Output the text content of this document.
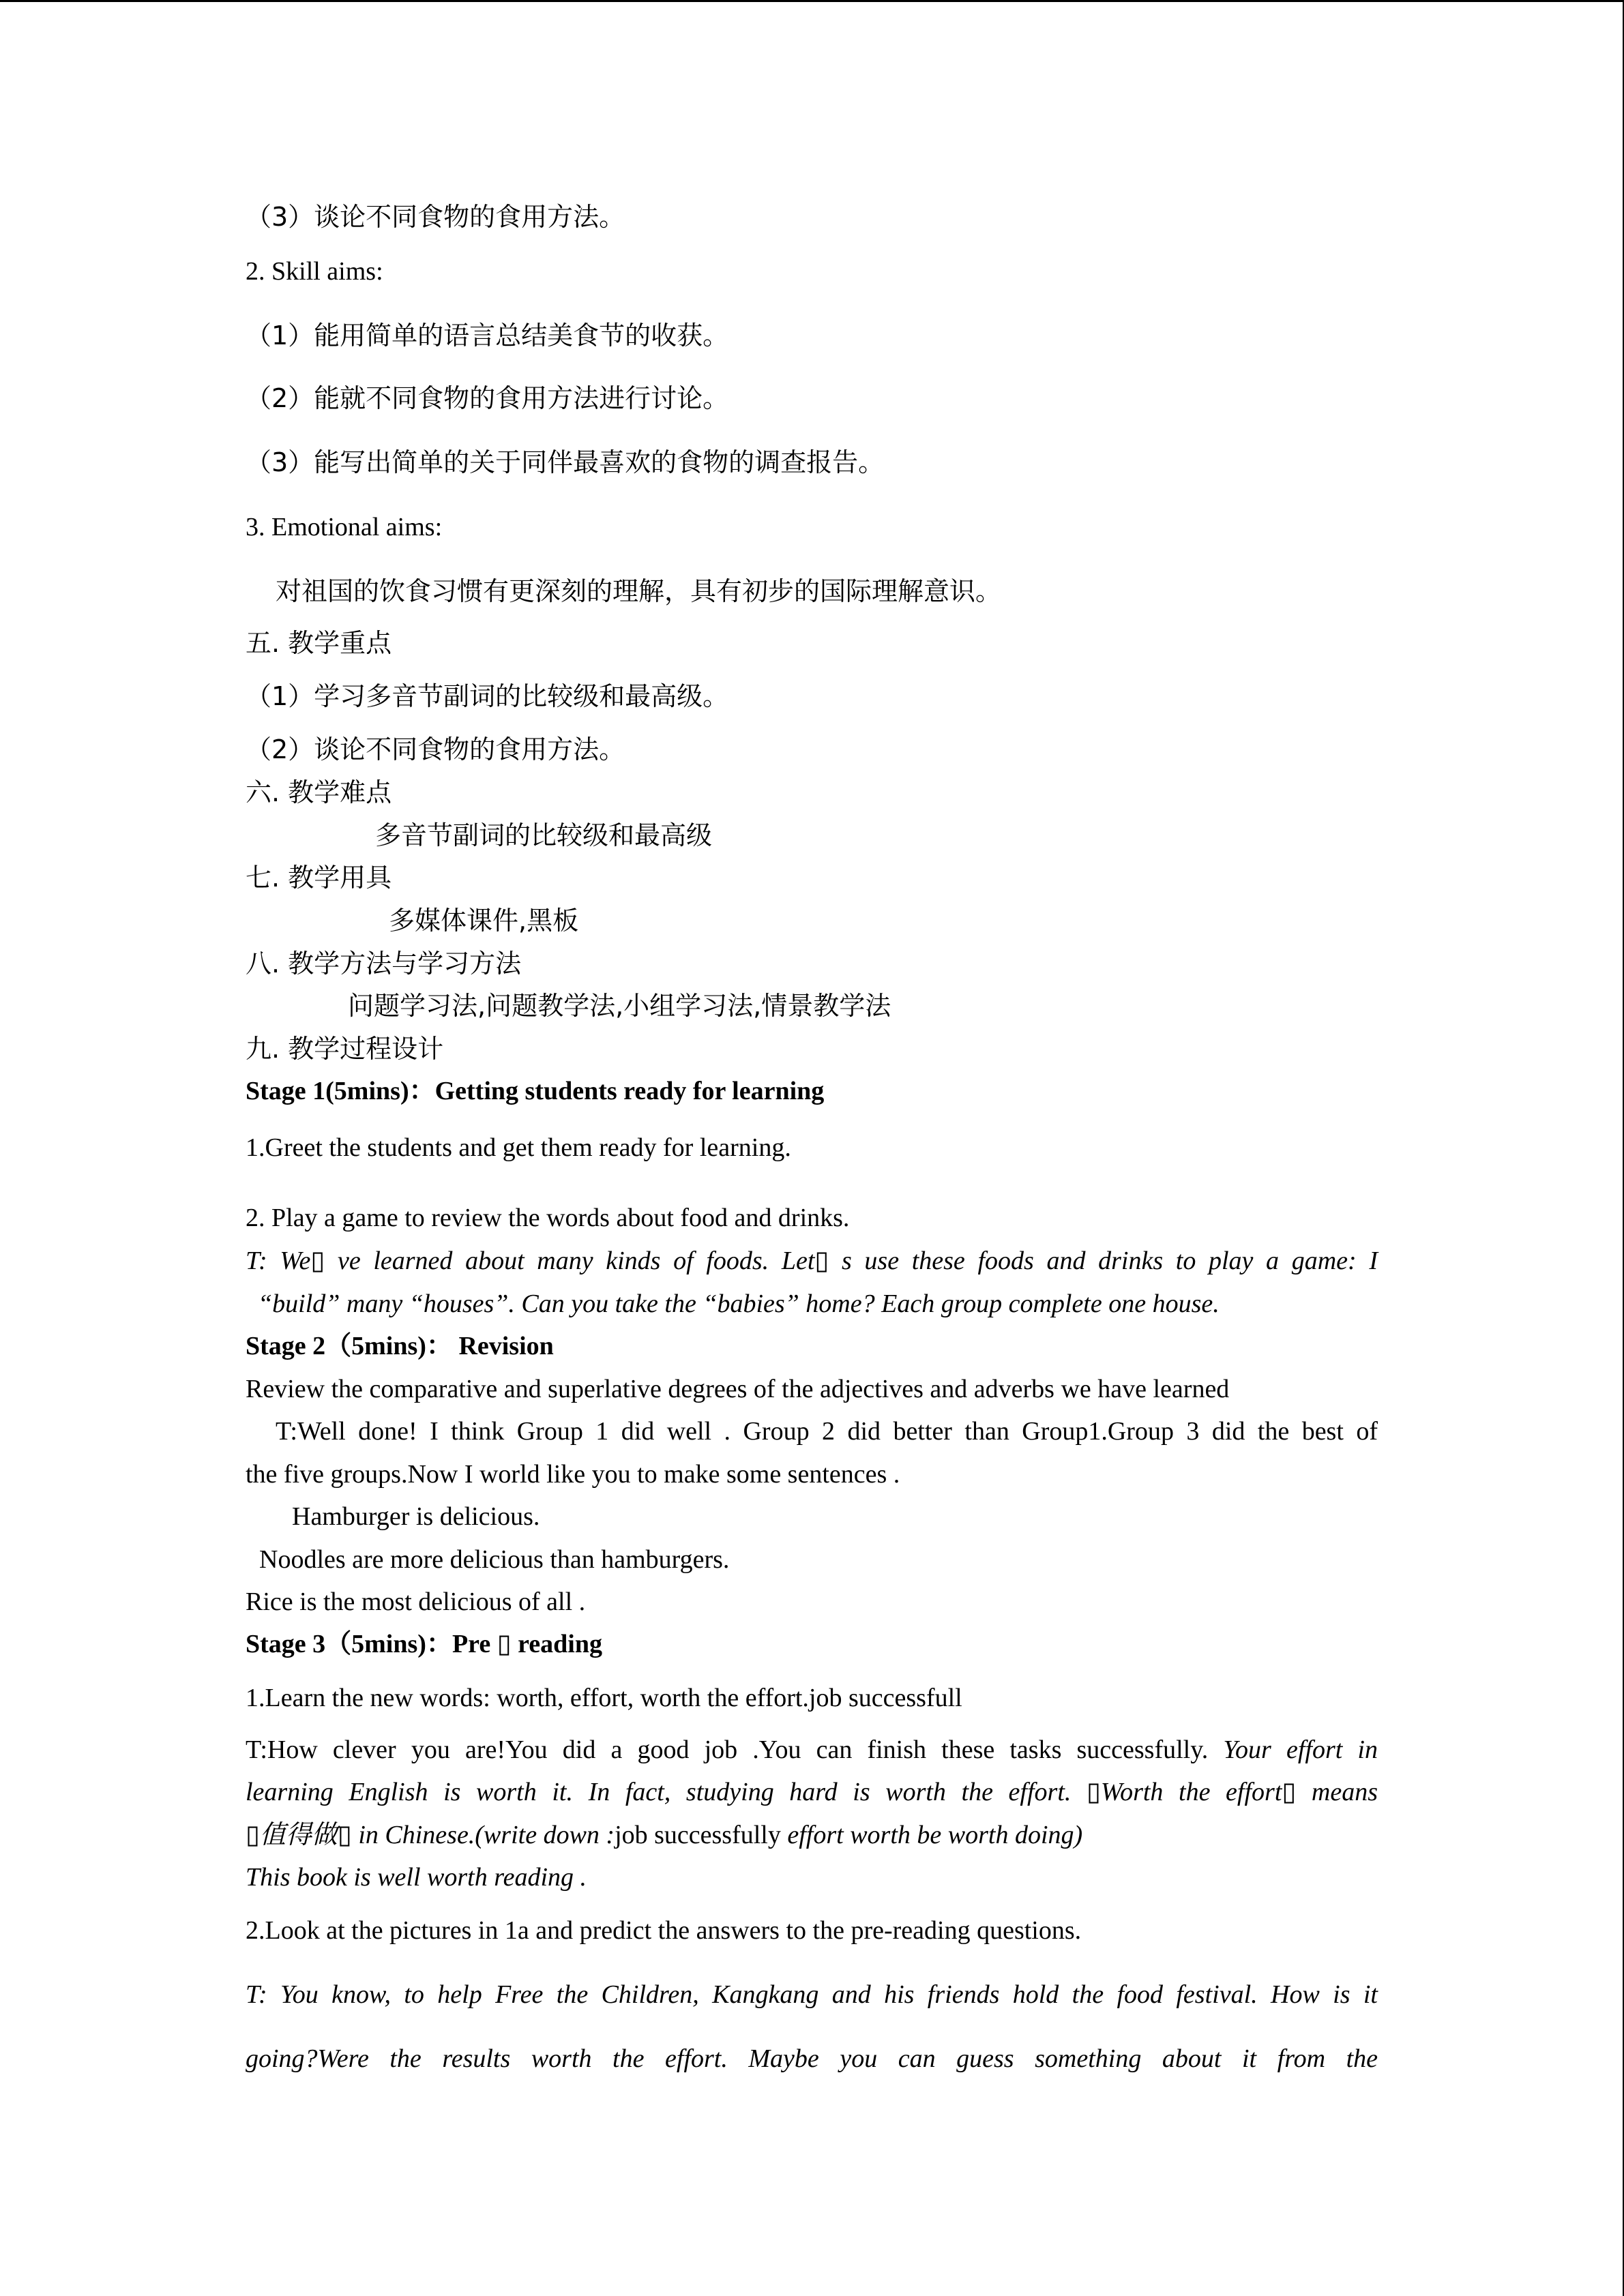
（3）谈论不同食物的食用方法。
2. Skill aims:
（1）能用简单的语言总结美食节的收获。
（2）能就不同食物的食用方法进行讨论。
（3）能写出简单的关于同伴最喜欢的食物的调查报告。
3. Emotional aims:
对祖国的饮食习惯有更深刻的理解，具有初步的国际理解意识。
五. 教学重点
（1）学习多音节副词的比较级和最高级。
（2）谈论不同食物的食用方法。
六. 教学难点
多音节副词的比较级和最高级
七. 教学用具
多媒体课件,黑板
八. 教学方法与学习方法
问题学习法,问题教学法,小组学习法,情景教学法
九. 教学过程设计
Stage 1(5mins)：Getting students ready for learning
1.Greet the students and get them ready for learning.
2. Play a game to review the words about food and drinks.
T: We▯ ve learned about many kinds of foods. Let▯ s use these foods and drinks to play a game: I
“build” many “houses”. Can you take the “babies” home? Each group complete one house.
Stage 2（5mins)： Revision
Review the comparative and superlative degrees of the adjectives and adverbs we have learned
T:Well done! I think Group 1 did well . Group 2 did better than Group1.Group 3 did the best of
the five groups.Now I world like you to make some sentences .
Hamburger is delicious.
Noodles are more delicious than hamburgers.
Rice is the most delicious of all .
Stage 3（5mins)：Pre ▯ reading
1.Learn the new words: worth, effort, worth the effort.job successfull
T:How clever you are!You did a good job .You can finish these tasks successfully. Your effort in
learning English is worth it. In fact, studying hard is worth the effort. ▯Worth the effort▯ means
▯值得做▯ in Chinese.(write down :job successfully effort worth be worth doing)
This book is well worth reading .
2.Look at the pictures in 1a and predict the answers to the pre-reading questions.
T: You know, to help Free the Children, Kangkang and his friends hold the food festival. How is it
going?Were the results worth the effort. Maybe you can guess something about it from the
